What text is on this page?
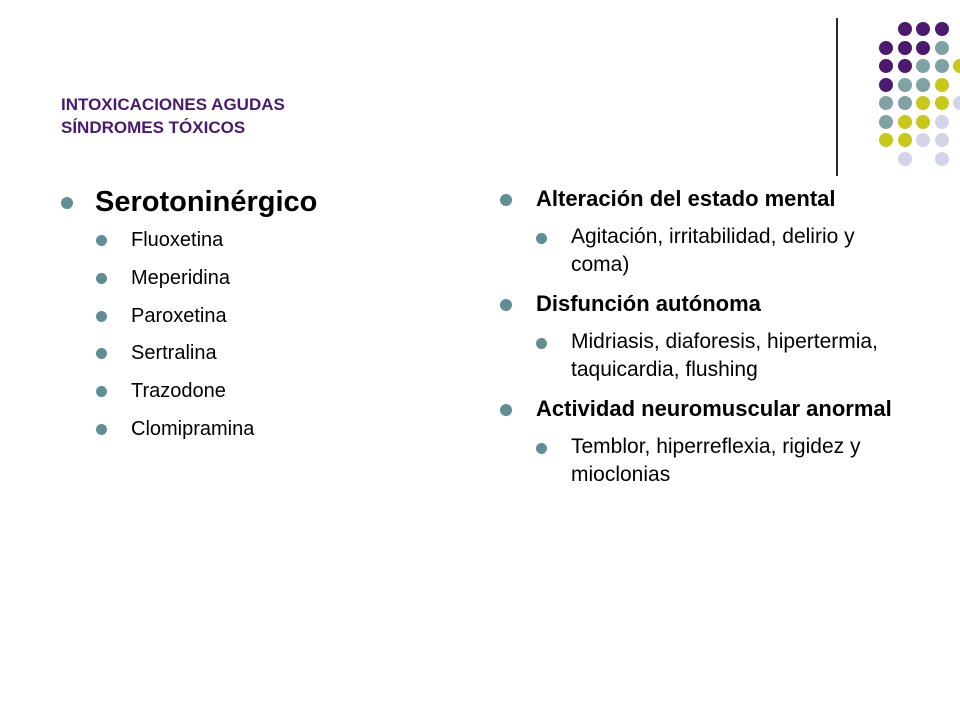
INTOXICACIONES AGUDAS
SÍNDROMES TÓXICOS
Serotoninérgico
Fluoxetina
Meperidina
Paroxetina
Sertralina
Trazodone
Clomipramina
Alteración del estado mental
Agitación, irritabilidad, delirio y coma)
Disfunción autónoma
Midriasis, diaforesis, hipertermia, taquicardia, flushing
Actividad neuromuscular anormal
Temblor, hiperreflexia, rigidez y mioclonias
